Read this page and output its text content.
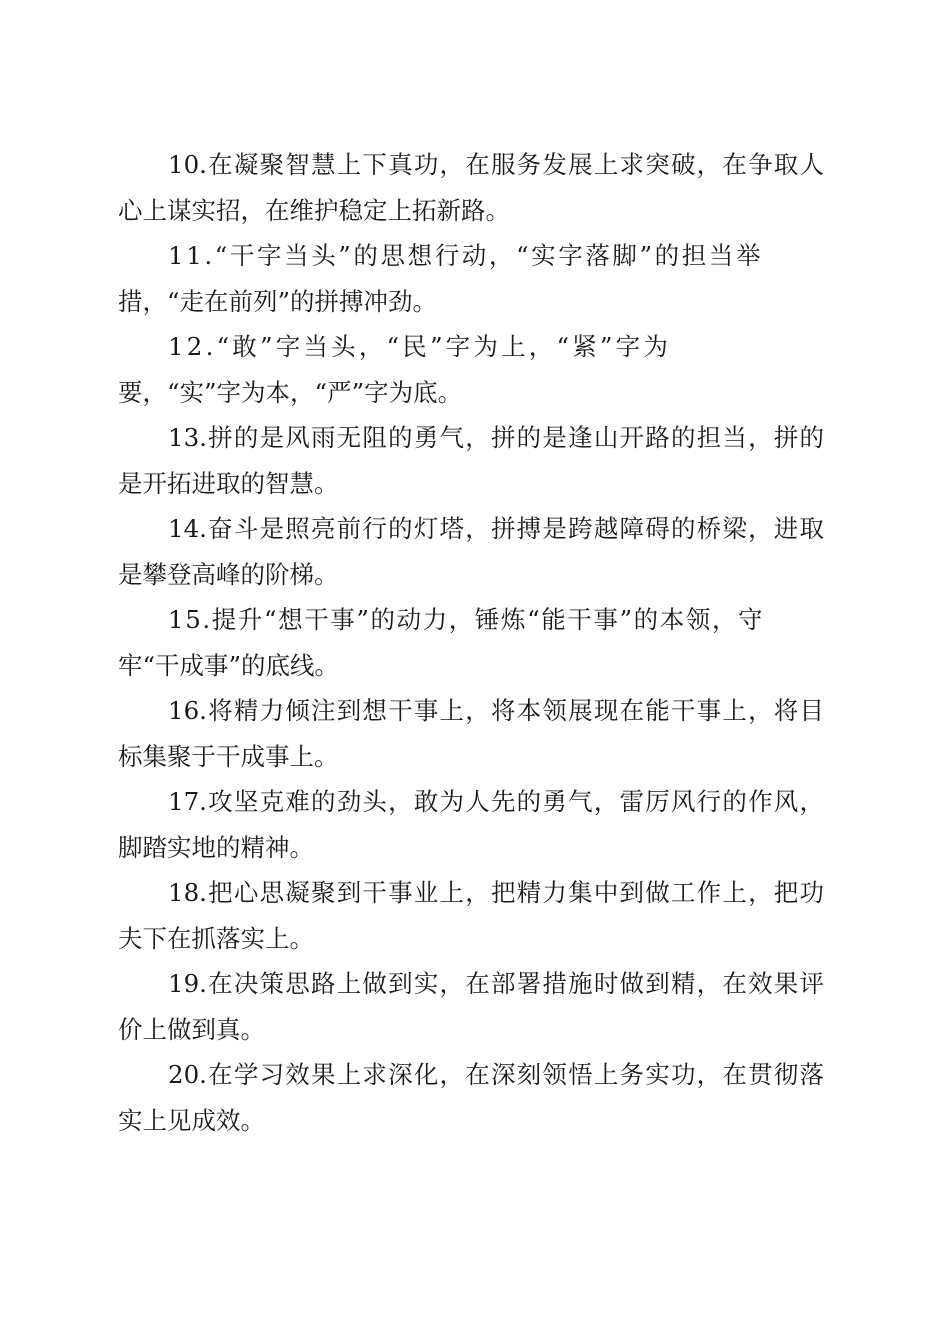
10.在凝聚智慧上下真功，在服务发展上求突破，在争取人
心上谋实招，在维护稳定上拓新路。
11.“干字当头”的思想行动，“实字落脚”的担当举
措，“走在前列”的拼搏冲劲。
12.“敢”字当头，“民”字为上，“紧”字为
要，“实”字为本，“严”字为底。
13.拼的是风雨无阻的勇气，拼的是逢山开路的担当，拼的
是开拓进取的智慧。
14.奋斗是照亮前行的灯塔，拼搏是跨越障碍的桥梁，进取
是攀登高峰的阶梯。
15.提升“想干事”的动力，锤炼“能干事”的本领，守
牢“干成事”的底线。
16.将精力倾注到想干事上，将本领展现在能干事上，将目
标集聚于干成事上。
17.攻坚克难的劲头，敢为人先的勇气，雷厉风行的作风，
脚踏实地的精神。
18.把心思凝聚到干事业上，把精力集中到做工作上，把功
夫下在抓落实上。
19.在决策思路上做到实，在部署措施时做到精，在效果评
价上做到真。
20.在学习效果上求深化，在深刻领悟上务实功，在贯彻落
实上见成效。
